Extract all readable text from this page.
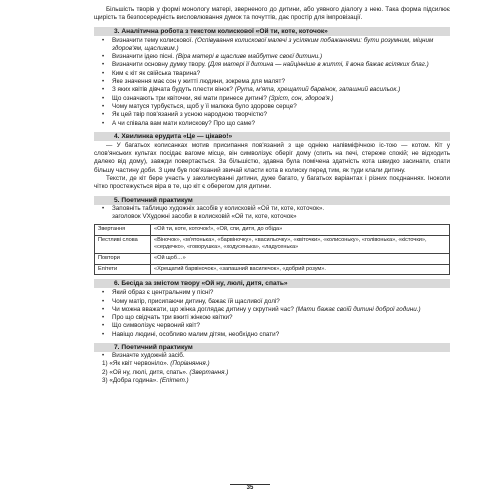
Більшість творів у формі монологу матері, зверненого до дитини, або уявного діалогу з нею. Така форма підсилює щирість та безпосередність висловлювання думок та почуттів, дає простір для імпровізації.
3. Аналітична робота з текстом колискової «Ой ти, коте, коточок»
• Визначити тему колискової. (Оспівування колискової малечі з усіляким побажаннями: бути розумним, міцним здоров'ям, щасливим.)
• Визначити ідею пісні. (Віра матері в щасливе майбутнє своєї дитини.)
• Визначити основну думку твору. (Для матері її дитина — найцінніше в житті, її вона бажає всіляких благ.)
• Ким є кіт як свійська тварина?
• Яке значення має сон у житті людини, зокрема для малят?
• З яких квітів дівчата будуть плести вінок? (Рута, м'ята, хрещатий барвінок, запашний васильок.)
• Що означають три квіточки, які мати принесе дитині? (Зріст, сон, здоров'я.)
• Чому матуся турбується, щоб у її малюка було здорове серце?
• Як цей твір пов'язаний з усною народною творчістю?
• А чи співала вам мати колискову? Про що саме?
4. Хвилинка ерудита «Це — цікаво!»
— У багатьох колисанках мотив присипання пов'язаний з ще одніею напівміфічною іс-тою — котом. Кіт у слов'янських культах посідає вагоме місце, він символізує оберіг дому (спить на печі, стереже спокій; не відходить далеко від дому), завжди повертається. За більшістю, здавна була помічена здатність кота швидко засинати, спати більшу частину доби. З цим був пов'язаний звичай класти кота в колиску перед тим, як туди клали дитину.
Тексти, де кіт бере участь у заколисуванні дитини, дуже багато, у багатьох варіантах і різних поєднаннях. Іноколи чітко простежується віра в те, що кіт є оберегом для дитини.
5. Поетичний практикум
• Заповніть таблицю художніх засобів у колисковій «Ой ти, коте, коточок».
заголовок VХудожні засоби в колисковій «Ой ти, коте, коточок»
Звертання	«Ой ти, коте, коточок!», «Ой, спи, дитя, до обіда»
Пестливі слова	«Віночок», «м'ятонька», «барвіночку», «васильочку», «квіточки», «колисоньку», «голівонька», «кісточки», «сердечко», «говорушка», «ходусенька», «ладусенька»
Повтори	«Ой щоб…»
Епітети	«Хрещатий барвіночок», «запашний василечок», «добрий розум».
6. Бесіда за змістом твору «Ой ну, люлі, дитя, спать»
• Який образ є центральним у пісні?
• Чому матір, присипаючи дитину, бажає їй щасливої долі?
• Чи можна вважати, що жінка доглядає дитину у скрутний час? (Мати бажає своїй дитині доброї години.)
• Про що свідчать три вжиті жінкою квітки?
• Що символізує червоний квіт?
• Навіщо людині, особливо малим дітям, необхідно спати?
7. Поетичний практикум
• Визначте художній засіб.
1) «Як квіт червоніло». (Порівняння.)
2) «Ой ну, люлі, дитя, спать». (Звертання.)
3) «Добра година». (Епітет.)
35
